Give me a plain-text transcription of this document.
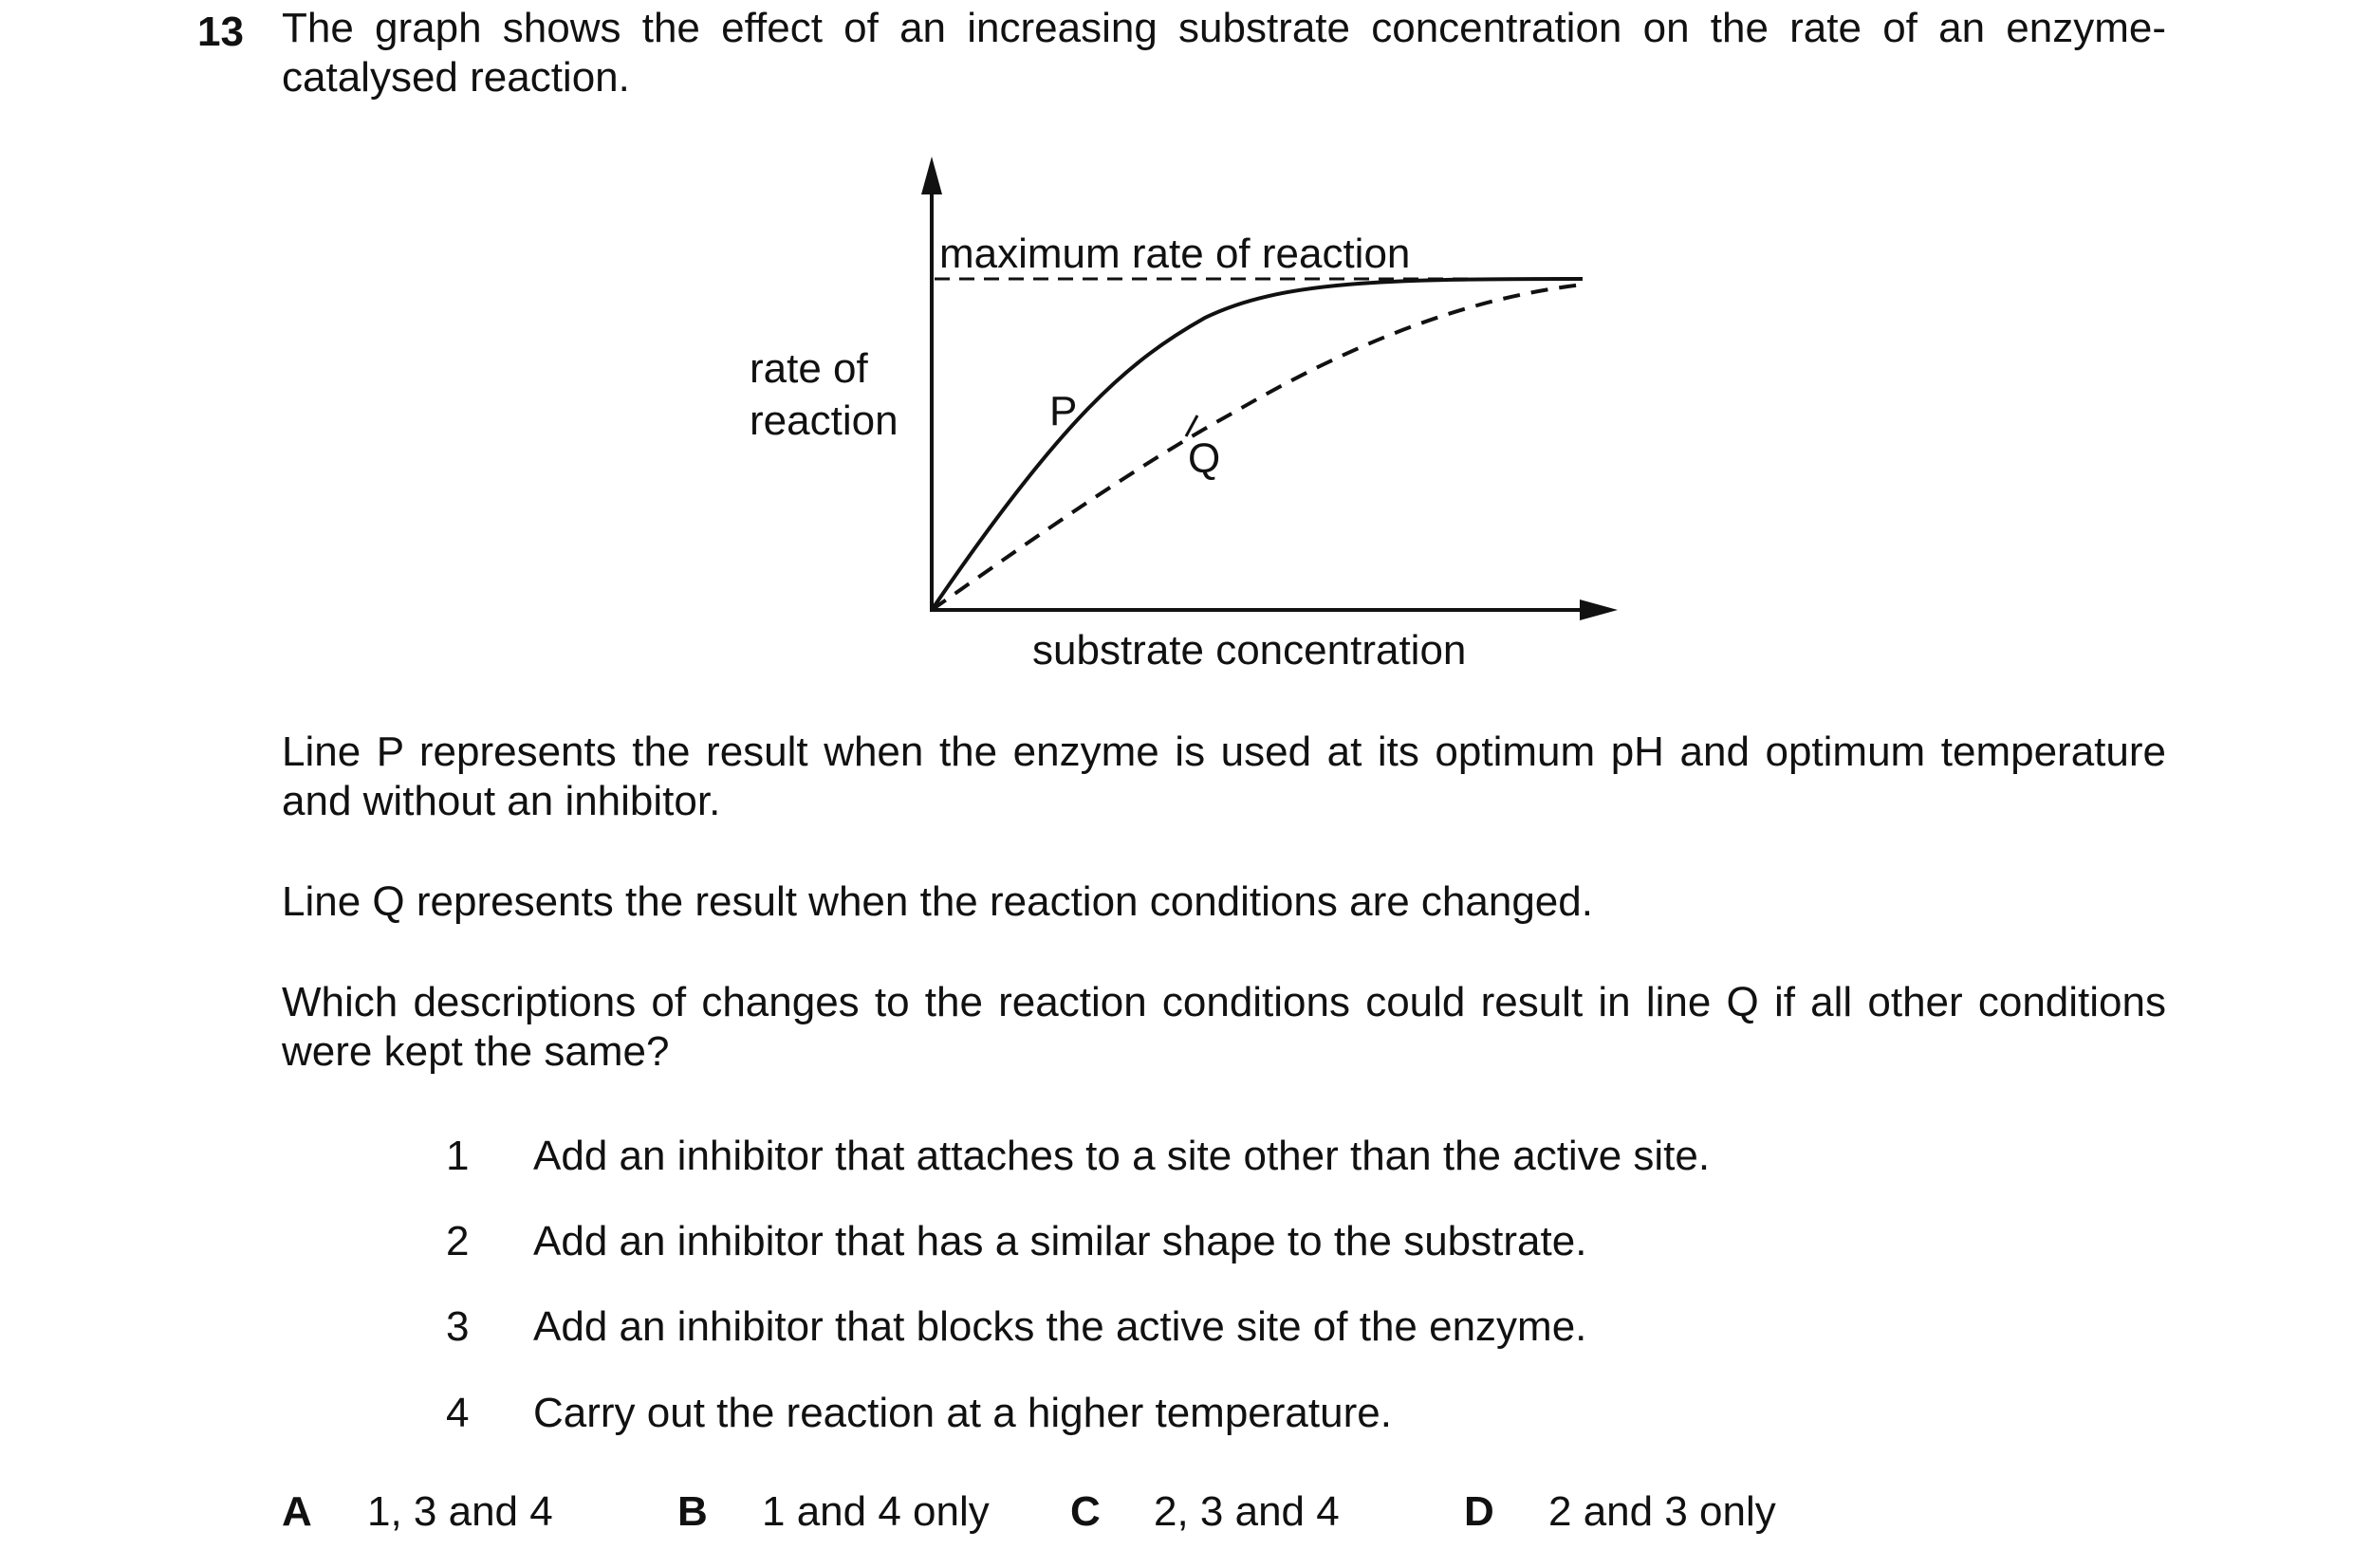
13 The graph shows the effect of an increasing substrate concentration on the rate of an enzyme-catalysed reaction.
maximum rate of reaction
rate of
reaction	P
Q
substrate concentration
Line P represents the result when the enzyme is used at its optimum pH and optimum temperature and without an inhibitor.
Line Q represents the result when the reaction conditions are changed.
Which descriptions of changes to the reaction conditions could result in line Q if all other conditions were kept the same?
1 Add an inhibitor that attaches to a site other than the active site.
2 Add an inhibitor that has a similar shape to the substrate.
3 Add an inhibitor that blocks the active site of the enzyme.
4 Carry out the reaction at a higher temperature.
A 1, 3 and 4	B 1 and 4 only C 2, 3 and 4	D 2 and 3 only
